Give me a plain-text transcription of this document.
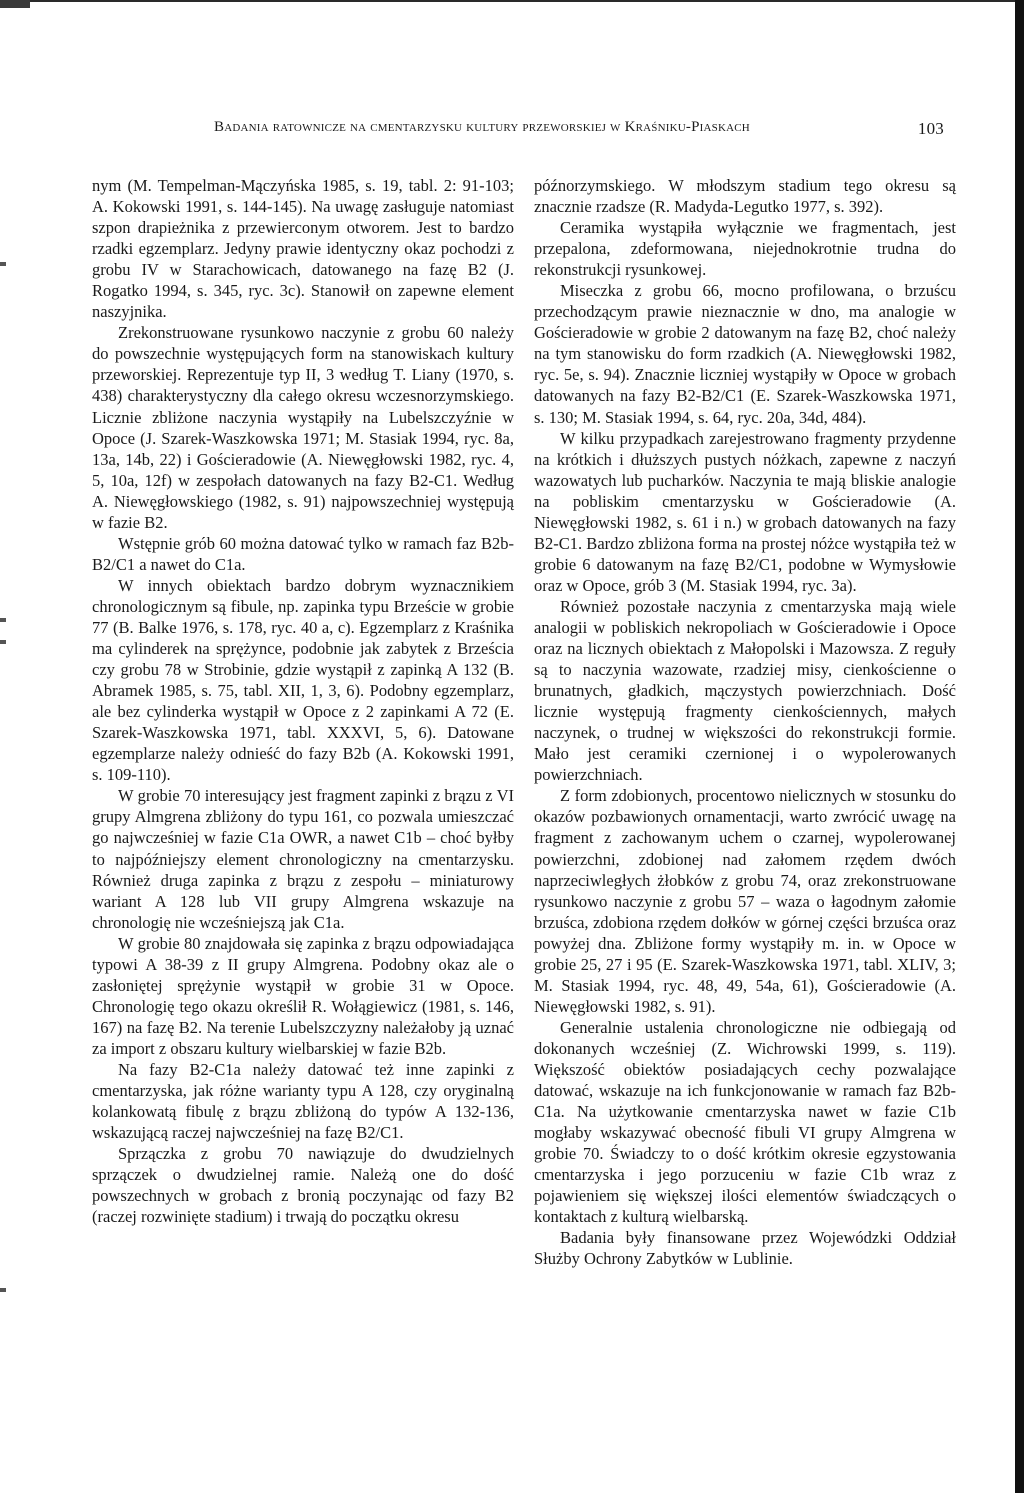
Badania ratownicze na cmentarzysku kultury przeworskiej w Kraśniku-Piaskach	103

nym (M. Tempelman-Mączyńska 1985, s. 19, tabl. 2: 91-103; A. Kokowski 1991, s. 144-145). Na uwagę zasługuje natomiast szpon drapieżnika z przewierconym otworem. Jest to bardzo rzadki egzemplarz. Jedyny prawie identyczny okaz pochodzi z grobu IV w Starachowicach, datowanego na fazę B2 (J. Rogatko 1994, s. 345, ryc. 3c). Stanowił on zapewne element naszyjnika.

Zrekonstruowane rysunkowo naczynie z grobu 60 należy do powszechnie występujących form na stanowiskach kultury przeworskiej. Reprezentuje typ II, 3 według T. Liany (1970, s. 438) charakterystyczny dla całego okresu wczesnorzymskiego. Licznie zbliżone naczynia wystąpiły na Lubelszczyźnie w Opoce (J. Szarek-Waszkowska 1971; M. Stasiak 1994, ryc. 8a, 13a, 14b, 22) i Gościeradowie (A. Niewęgłowski 1982, ryc. 4, 5, 10a, 12f) w zespołach datowanych na fazy B2-C1. Według A. Niewęgłowskiego (1982, s. 91) najpowszechniej występują w fazie B2.

Wstępnie grób 60 można datować tylko w ramach faz B2b-B2/C1 a nawet do C1a.

W innych obiektach bardzo dobrym wyznacznikiem chronologicznym są fibule, np. zapinka typu Brzeście w grobie 77 (B. Balke 1976, s. 178, ryc. 40 a, c). Egzemplarz z Kraśnika ma cylinderek na sprężynce, podobnie jak zabytek z Brześcia czy grobu 78 w Strobinie, gdzie wystąpił z zapinką A 132 (B. Abramek 1985, s. 75, tabl. XII, 1, 3, 6). Podobny egzemplarz, ale bez cylinderka wystąpił w Opoce z 2 zapinkami A 72 (E. Szarek-Waszkowska 1971, tabl. XXXVI, 5, 6). Datowane egzemplarze należy odnieść do fazy B2b (A. Kokowski 1991, s. 109-110).

W grobie 70 interesujący jest fragment zapinki z brązu z VI grupy Almgrena zbliżony do typu 161, co pozwala umieszczać go najwcześniej w fazie C1a OWR, a nawet C1b – choć byłby to najpóźniejszy element chronologiczny na cmentarzysku. Również druga zapinka z brązu z zespołu – miniaturowy wariant A 128 lub VII grupy Almgrena wskazuje na chronologię nie wcześniejszą jak C1a.

W grobie 80 znajdowała się zapinka z brązu odpowiadająca typowi A 38-39 z II grupy Almgrena. Podobny okaz ale o zasłoniętej sprężynie wystąpił w grobie 31 w Opoce. Chronologię tego okazu określił R. Wołągiewicz (1981, s. 146, 167) na fazę B2. Na terenie Lubelszczyzny należałoby ją uznać za import z obszaru kultury wielbarskiej w fazie B2b.

Na fazy B2-C1a należy datować też inne zapinki z cmentarzyska, jak różne warianty typu A 128, czy oryginalną kolankowatą fibulę z brązu zbliżoną do typów A 132-136, wskazującą raczej najwcześniej na fazę B2/C1.

Sprzączka z grobu 70 nawiązuje do dwudzielnych sprzączek o dwudzielnej ramie. Należą one do dość powszechnych w grobach z bronią poczynając od fazy B2 (raczej rozwinięte stadium) i trwają do początku okresu

późnorzymskiego. W młodszym stadium tego okresu są znacznie rzadsze (R. Madyda-Legutko 1977, s. 392).

Ceramika wystąpiła wyłącznie we fragmentach, jest przepalona, zdeformowana, niejednokrotnie trudna do rekonstrukcji rysunkowej.

Miseczka z grobu 66, mocno profilowana, o brzuścu przechodzącym prawie nieznacznie w dno, ma analogie w Gościeradowie w grobie 2 datowanym na fazę B2, choć należy na tym stanowisku do form rzadkich (A. Niewęgłowski 1982, ryc. 5e, s. 94). Znacznie liczniej wystąpiły w Opoce w grobach datowanych na fazy B2-B2/C1 (E. Szarek-Waszkowska 1971, s. 130; M. Stasiak 1994, s. 64, ryc. 20a, 34d, 484).

W kilku przypadkach zarejestrowano fragmenty przydenne na krótkich i dłuższych pustych nóżkach, zapewne z naczyń wazowatych lub pucharków. Naczynia te mają bliskie analogie na pobliskim cmentarzysku w Gościeradowie (A. Niewęgłowski 1982, s. 61 i n.) w grobach datowanych na fazy B2-C1. Bardzo zbliżona forma na prostej nóżce wystąpiła też w grobie 6 datowanym na fazę B2/C1, podobne w Wymysłowie oraz w Opoce, grób 3 (M. Stasiak 1994, ryc. 3a).

Również pozostałe naczynia z cmentarzyska mają wiele analogii w pobliskich nekropoliach w Gościeradowie i Opoce oraz na licznych obiektach z Małopolski i Mazowsza. Z reguły są to naczynia wazowate, rzadziej misy, cienkościenne o brunatnych, gładkich, mączystych powierzchniach. Dość licznie występują fragmenty cienkościennych, małych naczynek, o trudnej w większości do rekonstrukcji formie. Mało jest ceramiki czernionej i o wypolerowanych powierzchniach.

Z form zdobionych, procentowo nielicznych w stosunku do okazów pozbawionych ornamentacji, warto zwrócić uwagę na fragment z zachowanym uchem o czarnej, wypolerowanej powierzchni, zdobionej nad załomem rzędem dwóch naprzeciwległych żłobków z grobu 74, oraz zrekonstruowane rysunkowo naczynie z grobu 57 – waza o łagodnym załomie brzuśca, zdobiona rzędem dołków w górnej części brzuśca oraz powyżej dna. Zbliżone formy wystąpiły m. in. w Opoce w grobie 25, 27 i 95 (E. Szarek-Waszkowska 1971, tabl. XLIV, 3; M. Stasiak 1994, ryc. 48, 49, 54a, 61), Gościeradowie (A. Niewęgłowski 1982, s. 91).

Generalnie ustalenia chronologiczne nie odbiegają od dokonanych wcześniej (Z. Wichrowski 1999, s. 119). Większość obiektów posiadających cechy pozwalające datować, wskazuje na ich funkcjonowanie w ramach faz B2b-C1a. Na użytkowanie cmentarzyska nawet w fazie C1b mogłaby wskazywać obecność fibuli VI grupy Almgrena w grobie 70. Świadczy to o dość krótkim okresie egzystowania cmentarzyska i jego porzuceniu w fazie C1b wraz z pojawieniem się większej ilości elementów świadczących o kontaktach z kulturą wielbarską.

Badania były finansowane przez Wojewódzki Oddział Służby Ochrony Zabytków w Lublinie.
